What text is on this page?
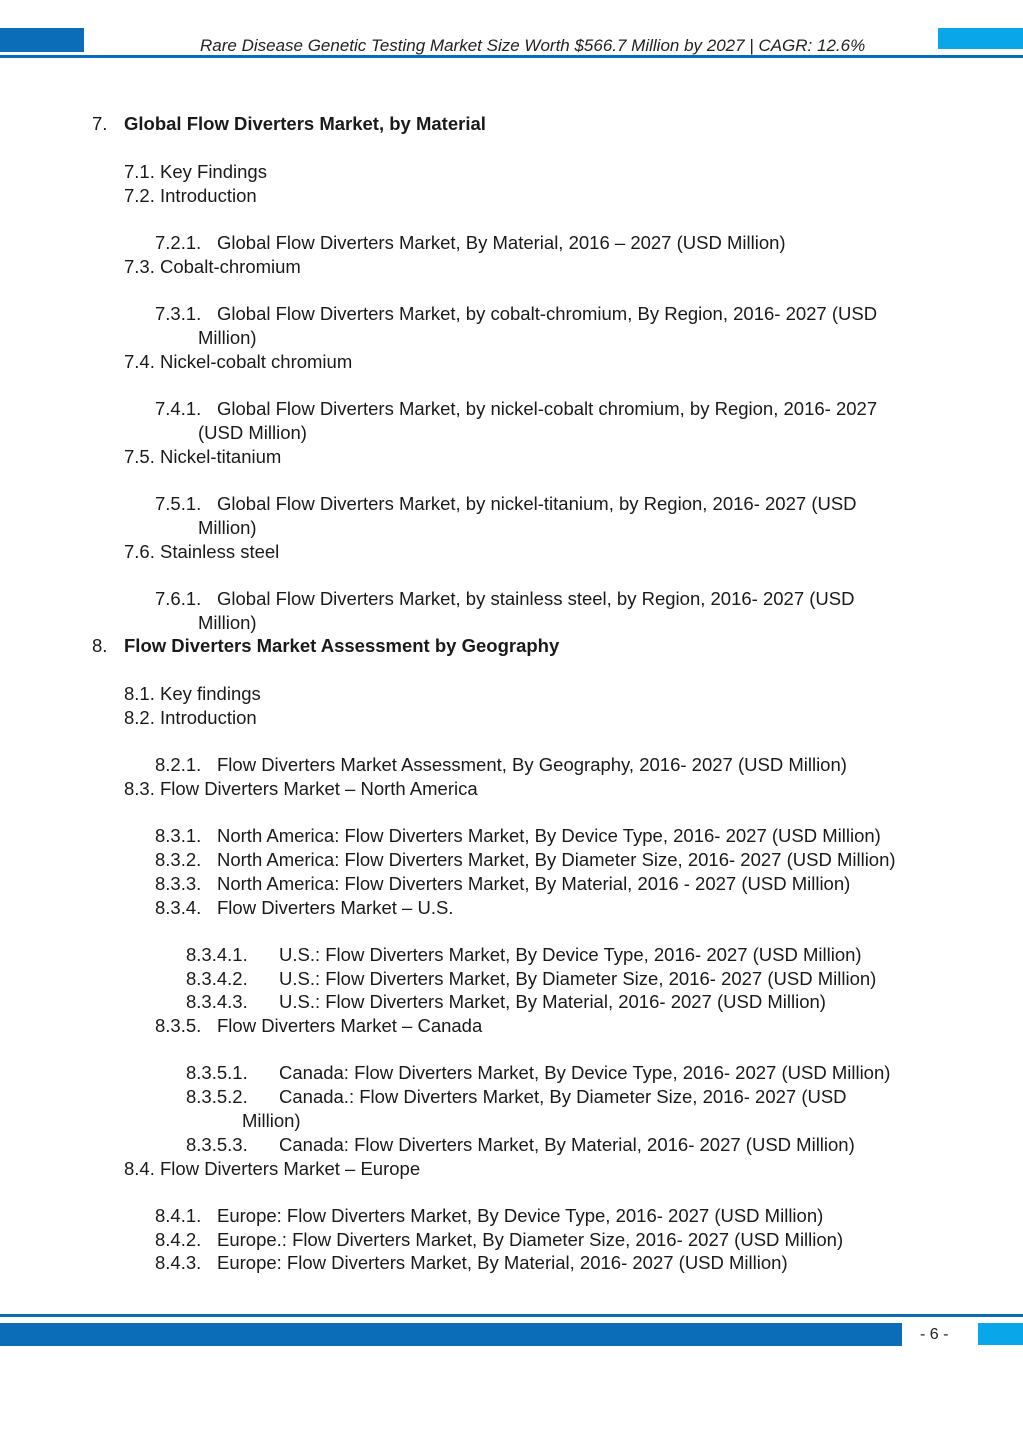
Rare Disease Genetic Testing Market Size Worth $566.7 Million by 2027 | CAGR: 12.6%
7. Global Flow Diverters Market, by Material
7.1. Key Findings
7.2. Introduction
7.2.1. Global Flow Diverters Market, By Material, 2016 – 2027 (USD Million)
7.3. Cobalt-chromium
7.3.1. Global Flow Diverters Market, by cobalt-chromium, By Region, 2016- 2027 (USD
Million)
7.4. Nickel-cobalt chromium
7.4.1. Global Flow Diverters Market, by nickel-cobalt chromium, by Region, 2016- 2027
(USD Million)
7.5. Nickel-titanium
7.5.1. Global Flow Diverters Market, by nickel-titanium, by Region, 2016- 2027 (USD
Million)
7.6. Stainless steel
7.6.1. Global Flow Diverters Market, by stainless steel, by Region, 2016- 2027 (USD
Million)
8. Flow Diverters Market Assessment by Geography
8.1. Key findings
8.2. Introduction
8.2.1. Flow Diverters Market Assessment, By Geography, 2016- 2027 (USD Million)
8.3. Flow Diverters Market – North America
8.3.1. North America: Flow Diverters Market, By Device Type, 2016- 2027 (USD Million)
8.3.2. North America: Flow Diverters Market, By Diameter Size, 2016- 2027 (USD Million)
8.3.3. North America: Flow Diverters Market, By Material, 2016 - 2027 (USD Million)
8.3.4. Flow Diverters Market – U.S.
8.3.4.1. U.S.: Flow Diverters Market, By Device Type, 2016- 2027 (USD Million)
8.3.4.2. U.S.: Flow Diverters Market, By Diameter Size, 2016- 2027 (USD Million)
8.3.4.3. U.S.: Flow Diverters Market, By Material, 2016- 2027 (USD Million)
8.3.5. Flow Diverters Market – Canada
8.3.5.1. Canada: Flow Diverters Market, By Device Type, 2016- 2027 (USD Million)
8.3.5.2. Canada.: Flow Diverters Market, By Diameter Size, 2016- 2027 (USD
Million)
8.3.5.3. Canada: Flow Diverters Market, By Material, 2016- 2027 (USD Million)
8.4. Flow Diverters Market – Europe
8.4.1. Europe: Flow Diverters Market, By Device Type, 2016- 2027 (USD Million)
8.4.2. Europe.: Flow Diverters Market, By Diameter Size, 2016- 2027 (USD Million)
8.4.3. Europe: Flow Diverters Market, By Material, 2016- 2027 (USD Million)
- 6 -
